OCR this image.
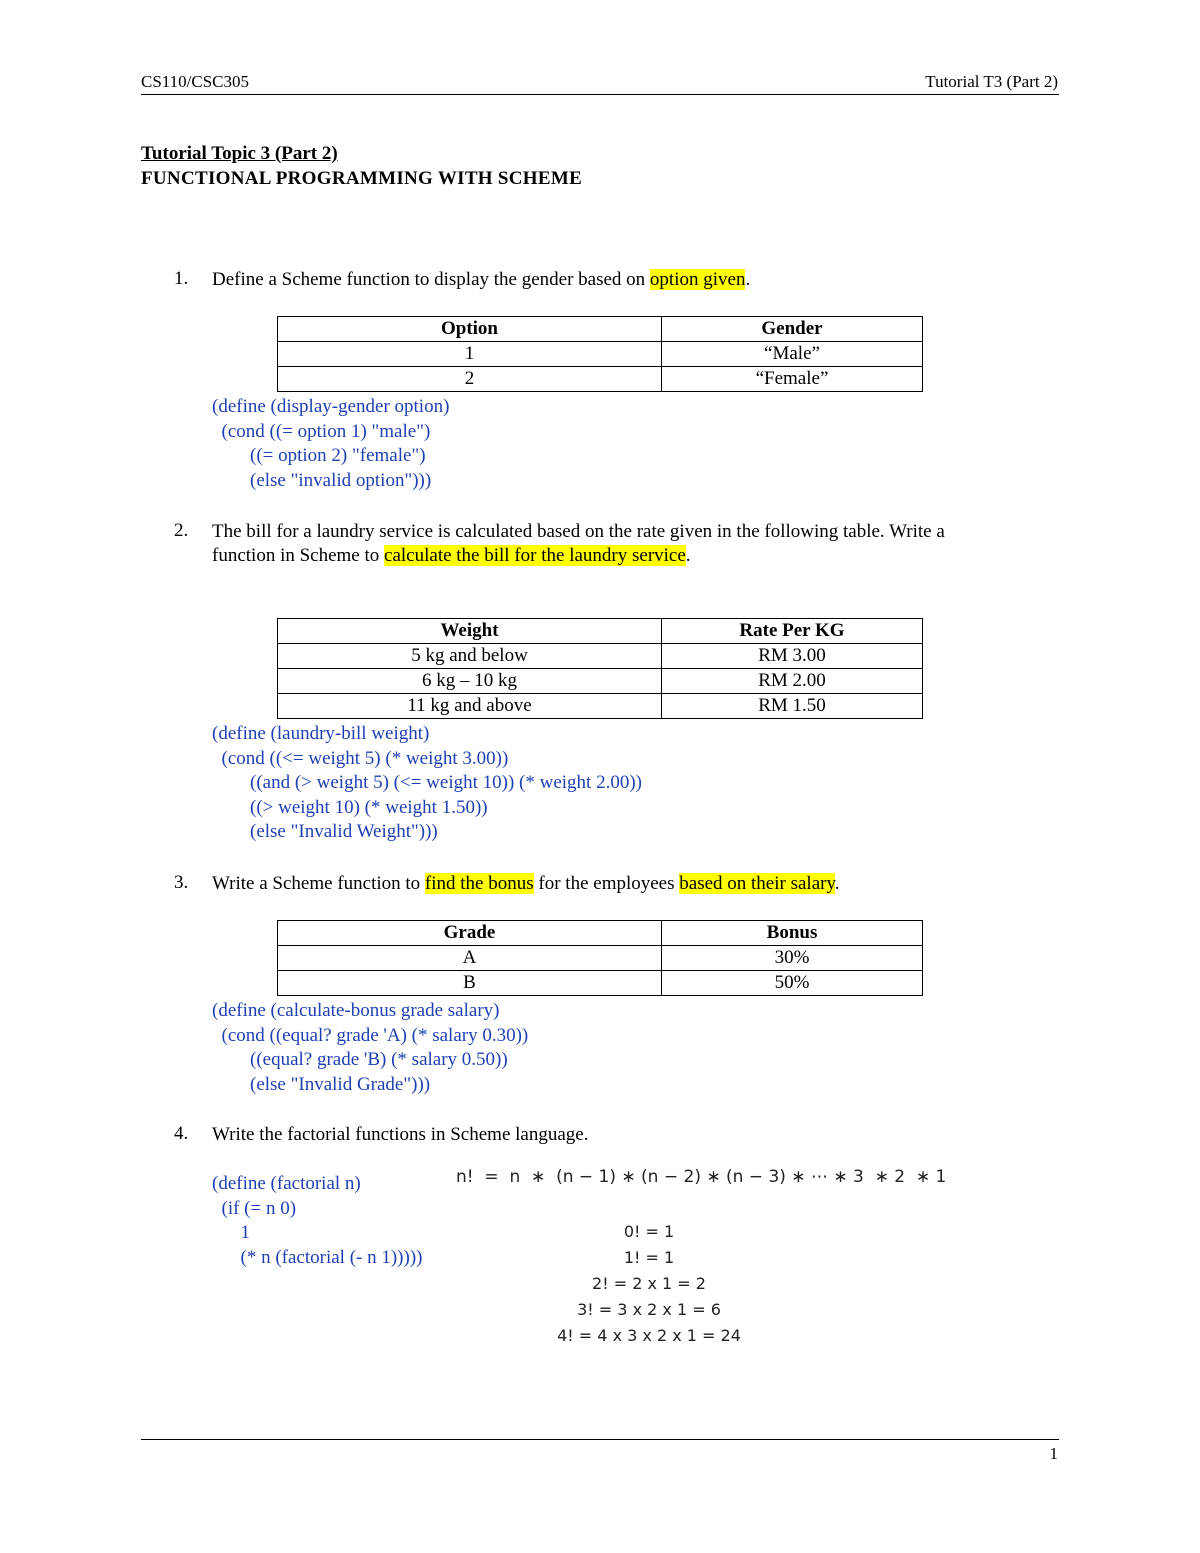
CS110/CSC305	Tutorial T3 (Part 2)
Tutorial Topic 3 (Part 2)
FUNCTIONAL PROGRAMMING WITH SCHEME
1. Define a Scheme function to display the gender based on option given.
Option	Gender
1	“Male”
2	“Female”
(define (display-gender option)
(cond ((= option 1) "male")
((= option 2) "female")
(else "invalid option")))
2. The bill for a laundry service is calculated based on the rate given in the following table. Write a
function in Scheme to calculate the bill for the laundry service.
Weight	Rate Per KG
5 kg and below	RM 3.00
6 kg – 10 kg	RM 2.00
11 kg and above	RM 1.50
(define (laundry-bill weight)
(cond ((<= weight 5) (* weight 3.00))
((and (> weight 5) (<= weight 10)) (* weight 2.00))
((> weight 10) (* weight 1.50))
(else "Invalid Weight")))
3. Write a Scheme function to find the bonus for the employees based on their salary.
Grade	Bonus
A	30%
B	50%
(define (calculate-bonus grade salary)
(cond ((equal? grade 'A) (* salary 0.30))
((equal? grade 'B) (* salary 0.50))
(else "Invalid Grade")))
4. Write the factorial functions in Scheme language.
(define (factorial n)
(if (= n 0)
1
(* n (factorial (- n 1)))))
n!  =  n  ∗  (n − 1) ∗ (n − 2) ∗ (n − 3) ∗ ⋯ ∗ 3  ∗ 2  ∗ 1
0! = 1
1! = 1
2! = 2 x 1 = 2
3! = 3 x 2 x 1 = 6
4! = 4 x 3 x 2 x 1 = 24
1
